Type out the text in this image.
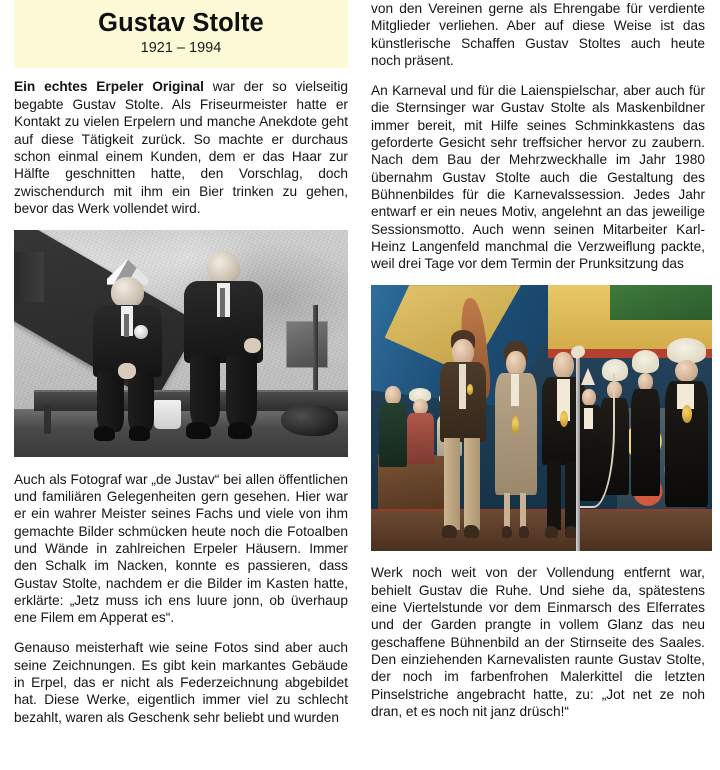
Gustav Stolte
1921 – 1994

Ein echtes Erpeler Original war der so vielseitig begabte Gustav Stolte. Als Friseurmeister hatte er Kontakt zu vielen Erpelern und manche Anekdote geht auf diese Tätigkeit zurück. So machte er durchaus schon einmal einem Kunden, dem er das Haar zur Hälfte geschnitten hatte, den Vorschlag, doch zwischendurch mit ihm ein Bier trinken zu gehen, bevor das Werk vollendet wird.

Auch als Fotograf war „de Justav“ bei allen öffentlichen und familiären Gelegenheiten gern gesehen. Hier war er ein wahrer Meister seines Fachs und viele von ihm gemachte Bilder schmücken heute noch die Fotoalben und Wände in zahlreichen Erpeler Häusern. Immer den Schalk im Nacken, konnte es passieren, dass Gustav Stolte, nachdem er die Bilder im Kasten hatte, erklärte: „Jetz muss ich ens luure jonn, ob üverhaup ene Filem em Apperat es“.

Genauso meisterhaft wie seine Fotos sind aber auch seine Zeichnungen. Es gibt kein markantes Gebäude in Erpel, das er nicht als Federzeichnung abgebildet hat. Diese Werke, eigentlich immer viel zu schlecht bezahlt, waren als Geschenk sehr beliebt und wurden

von den Vereinen gerne als Ehrengabe für verdiente Mitglieder verliehen. Aber auf diese Weise ist das künstlerische Schaffen Gustav Stoltes auch heute noch präsent.

An Karneval und für die Laienspielschar, aber auch für die Sternsinger war Gustav Stolte als Maskenbildner immer bereit, mit Hilfe seines Schminkkastens das geforderte Gesicht sehr treffsicher hervor zu zaubern. Nach dem Bau der Mehrzweckhalle im Jahr 1980 übernahm Gustav Stolte auch die Gestaltung des Bühnenbildes für die Karnevalssession. Jedes Jahr entwarf er ein neues Motiv, angelehnt an das jeweilige Sessionsmotto. Auch wenn seinen Mitarbeiter Karl-Heinz Langenfeld manchmal die Verzweiflung packte, weil drei Tage vor dem Termin der Prunksitzung das

Werk noch weit von der Vollendung entfernt war, behielt Gustav die Ruhe. Und siehe da, spätestens eine Viertelstunde vor dem Einmarsch des Elferrates und der Garden prangte in vollem Glanz das neu geschaffene Bühnenbild an der Stirnseite des Saales. Den einziehenden Karnevalisten raunte Gustav Stolte, der noch im farbenfrohen Malerkittel die letzten Pinselstriche angebracht hatte, zu: „Jot net ze noh dran, et es noch nit janz drüsch!“
